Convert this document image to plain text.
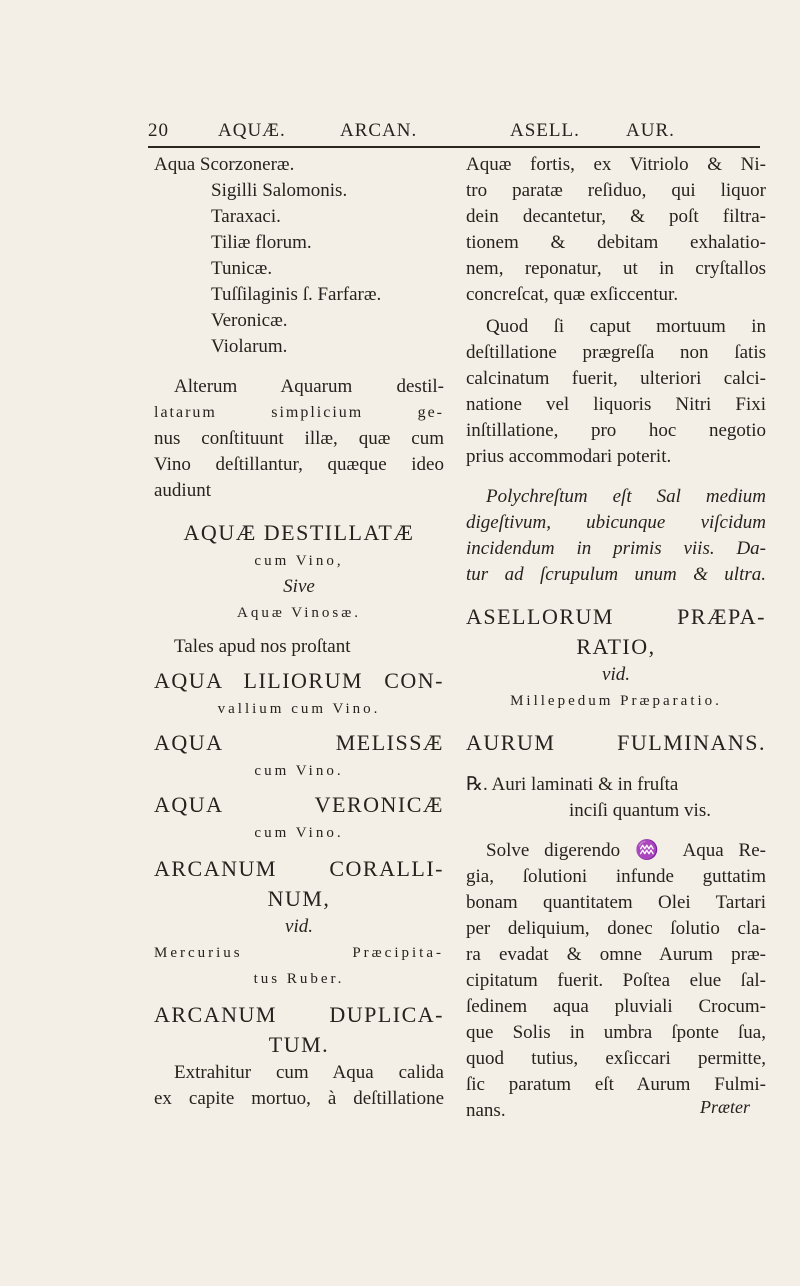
20	AQUÆ.	ARCAN.	ASELL. AUR.
Aqua Scorzoneræ.
Sigilli Salomonis.
Taraxaci.
Tiliæ florum.
Tunicæ.
Tuſſilaginis ſ. Farfaræ.
Veronicæ.
Violarum.
Alterum Aquarum destil-
latarum simplicium ge-
nus conſtituunt illæ, quæ cum
Vino deſtillantur, quæque ideo
audiunt
AQUÆ DESTILLATÆ
cum Vino,
Sive
Aquæ Vinosæ.
Tales apud nos proſtant
AQUA LILIORUM CON-
vallium cum Vino.
AQUA MELISSÆ
cum Vino.
AQUA VERONICÆ
cum Vino.
ARCANUM CORALLI-
NUM,
vid.
Mercurius Præcipita-
tus Ruber.
ARCANUM DUPLICA-
TUM.
Extrahitur cum Aqua calida
ex capite mortuo, à deſtillatione
Aquæ fortis, ex Vitriolo & Ni-
tro paratæ reſiduo, qui liquor
dein decantetur, & poſt filtra-
tionem & debitam exhalatio-
nem, reponatur, ut in cryſtallos
concreſcat, quæ exſiccentur.
Quod ſi caput mortuum in
deſtillatione prægreſſa non ſatis
calcinatum fuerit, ulteriori calci-
natione vel liquoris Nitri Fixi
inſtillatione, pro hoc negotio
prius accommodari poterit.
Polychreſtum eſt Sal medium
digeſtivum, ubicunque viſcidum
incidendum in primis viis. Da-
tur ad ſcrupulum unum & ultra.
ASELLORUM PRÆPA-
RATIO,
vid.
Millepedum Præparatio.
AURUM FULMINANS.
℞. Auri laminati & in fruſta
inciſi quantum vis.
Solve digerendo ♒ Aqua Re-
gia, ſolutioni infunde guttatim
bonam quantitatem Olei Tartari
per deliquium, donec ſolutio cla-
ra evadat & omne Aurum præ-
cipitatum fuerit. Poſtea elue ſal-
ſedinem aqua pluviali Crocum-
que Solis in umbra ſponte ſua,
quod tutius, exſiccari permitte,
ſic paratum eſt Aurum Fulmi-
nans.	Præter
